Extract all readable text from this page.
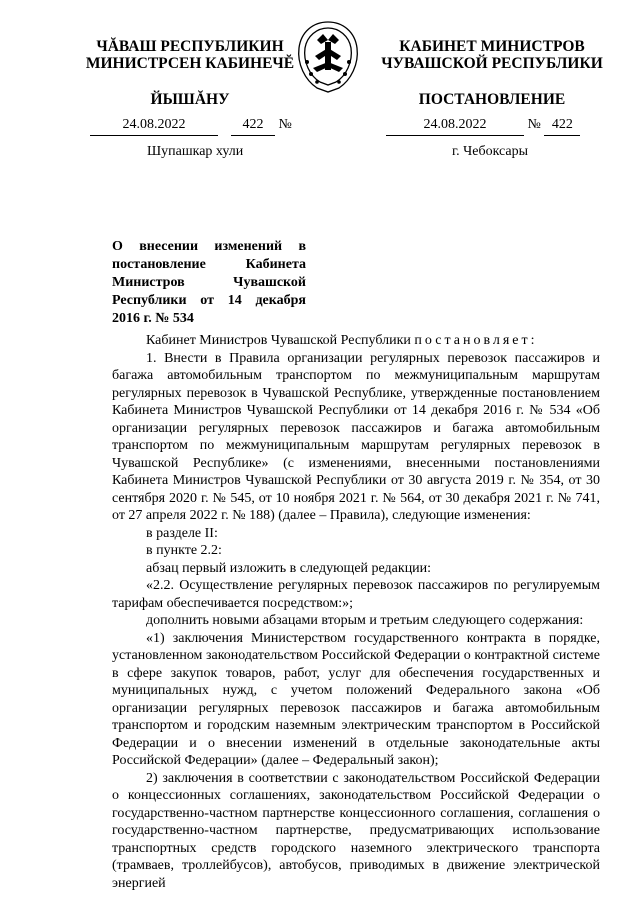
ЧĂВАШ РЕСПУБЛИКИН
МИНИСТРСЕН КАБИНЕЧĔ
ЙЫШĂНУ
КАБИНЕТ МИНИСТРОВ
ЧУВАШСКОЙ РЕСПУБЛИКИ
ПОСТАНОВЛЕНИЕ
24.08.2022	422 №	24.08.2022	№ 422
Шупашкар хули	г. Чебоксары
О внесении изменений в постановление Кабинета Министров Чувашской Республики от 14 декабря 2016 г. № 534

Кабинет Министров Чувашской Республики постановляет:

1. Внести в Правила организации регулярных перевозок пассажиров и багажа автомобильным транспортом по межмуниципальным маршрутам регулярных перевозок в Чувашской Республике, утвержденные постановлением Кабинета Министров Чувашской Республики от 14 декабря 2016 г. № 534 «Об организации регулярных перевозок пассажиров и багажа автомобильным транспортом по межмуниципальным маршрутам регулярных перевозок в Чувашской Республике» (с изменениями, внесенными постановлениями Кабинета Министров Чувашской Республики от 30 августа 2019 г. № 354, от 30 сентября 2020 г. № 545, от 10 ноября 2021 г. № 564, от 30 декабря 2021 г. № 741, от 27 апреля 2022 г. № 188) (далее – Правила), следующие изменения:

в разделе II:

в пункте 2.2:

абзац первый изложить в следующей редакции:

«2.2. Осуществление регулярных перевозок пассажиров по регулируемым тарифам обеспечивается посредством:»;

дополнить новыми абзацами вторым и третьим следующего содержания:

«1) заключения Министерством государственного контракта в порядке, установленном законодательством Российской Федерации о контрактной системе в сфере закупок товаров, работ, услуг для обеспечения государственных и муниципальных нужд, с учетом положений Федерального закона «Об организации регулярных перевозок пассажиров и багажа автомобильным транспортом и городским наземным электрическим транспортом в Российской Федерации и о внесении изменений в отдельные законодательные акты Российской Федерации» (далее – Федеральный закон);

2) заключения в соответствии с законодательством Российской Федерации о концессионных соглашениях, законодательством Российской Федерации о государственно-частном партнерстве концессионного соглашения, соглашения о государственно-частном партнерстве, предусматривающих использование транспортных средств городского наземного электрического транспорта (трамваев, троллейбусов), автобусов, приводимых в движение электрической энергией
